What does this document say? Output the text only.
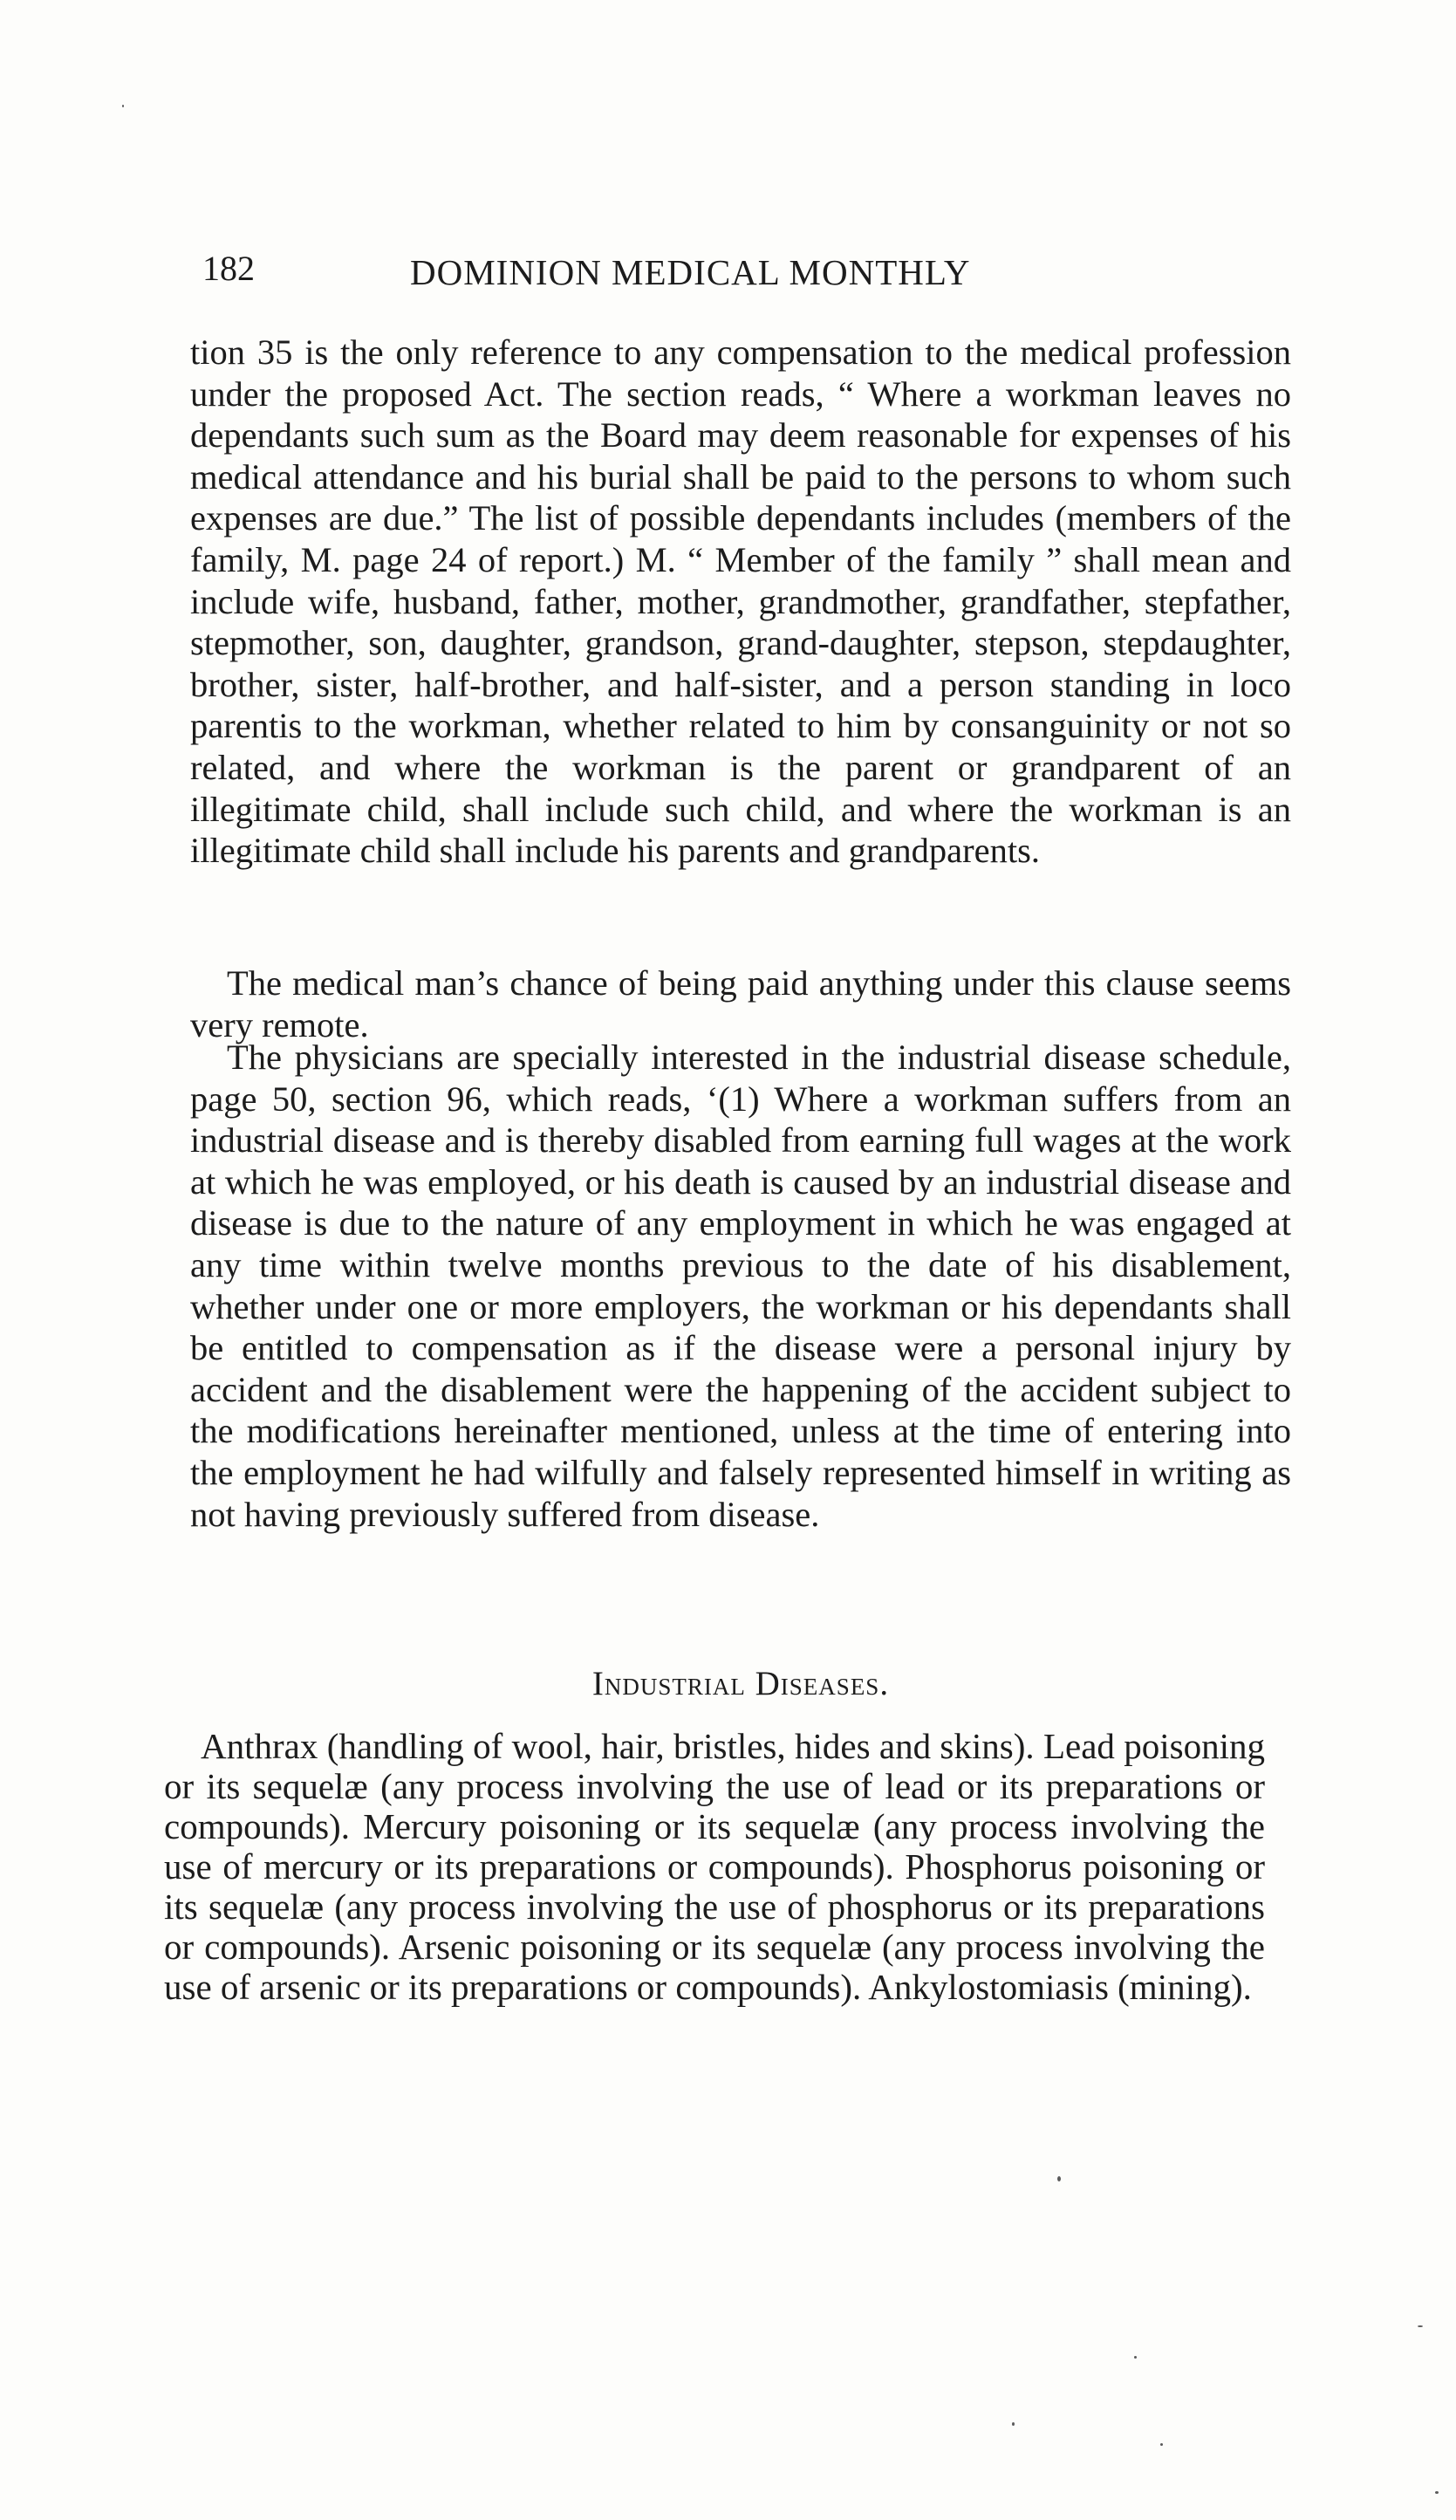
182	DOMINION MEDICAL MONTHLY

tion 35 is the only reference to any compensation to the medical profession under the proposed Act. The section reads, “ Where a workman leaves no dependants such sum as the Board may deem reasonable for expenses of his medical attendance and his burial shall be paid to the persons to whom such expenses are due.” The list of possible dependants includes (members of the family, M. page 24 of report.) M. “ Member of the family ” shall mean and include wife, husband, father, mother, grandmother, grandfather, stepfather, stepmother, son, daughter, grandson, grand-daughter, stepson, stepdaughter, brother, sister, half-brother, and half-sister, and a person standing in loco parentis to the workman, whether related to him by consanguinity or not so related, and where the workman is the parent or grandparent of an illegitimate child, shall include such child, and where the workman is an illegitimate child shall include his parents and grandparents.

The medical man’s chance of being paid anything under this clause seems very remote.

The physicians are specially interested in the industrial disease schedule, page 50, section 96, which reads, ‘(1) Where a workman suffers from an industrial disease and is thereby disabled from earning full wages at the work at which he was employed, or his death is caused by an industrial disease and disease is due to the nature of any employment in which he was engaged at any time within twelve months previous to the date of his disablement, whether under one or more employers, the workman or his dependants shall be entitled to compensation as if the disease were a personal injury by accident and the disablement were the happening of the accident subject to the modifications hereinafter mentioned, unless at the time of entering into the employment he had wilfully and falsely represented himself in writing as not having previously suffered from disease.

Industrial Diseases.

Anthrax (handling of wool, hair, bristles, hides and skins). Lead poisoning or its sequelæ (any process involving the use of lead or its preparations or compounds). Mercury poisoning or its sequelæ (any process involving the use of mercury or its preparations or compounds). Phosphorus poisoning or its sequelæ (any process involving the use of phosphorus or its preparations or compounds). Arsenic poisoning or its sequelæ (any process involving the use of arsenic or its preparations or compounds). Ankylostomiasis (mining).
